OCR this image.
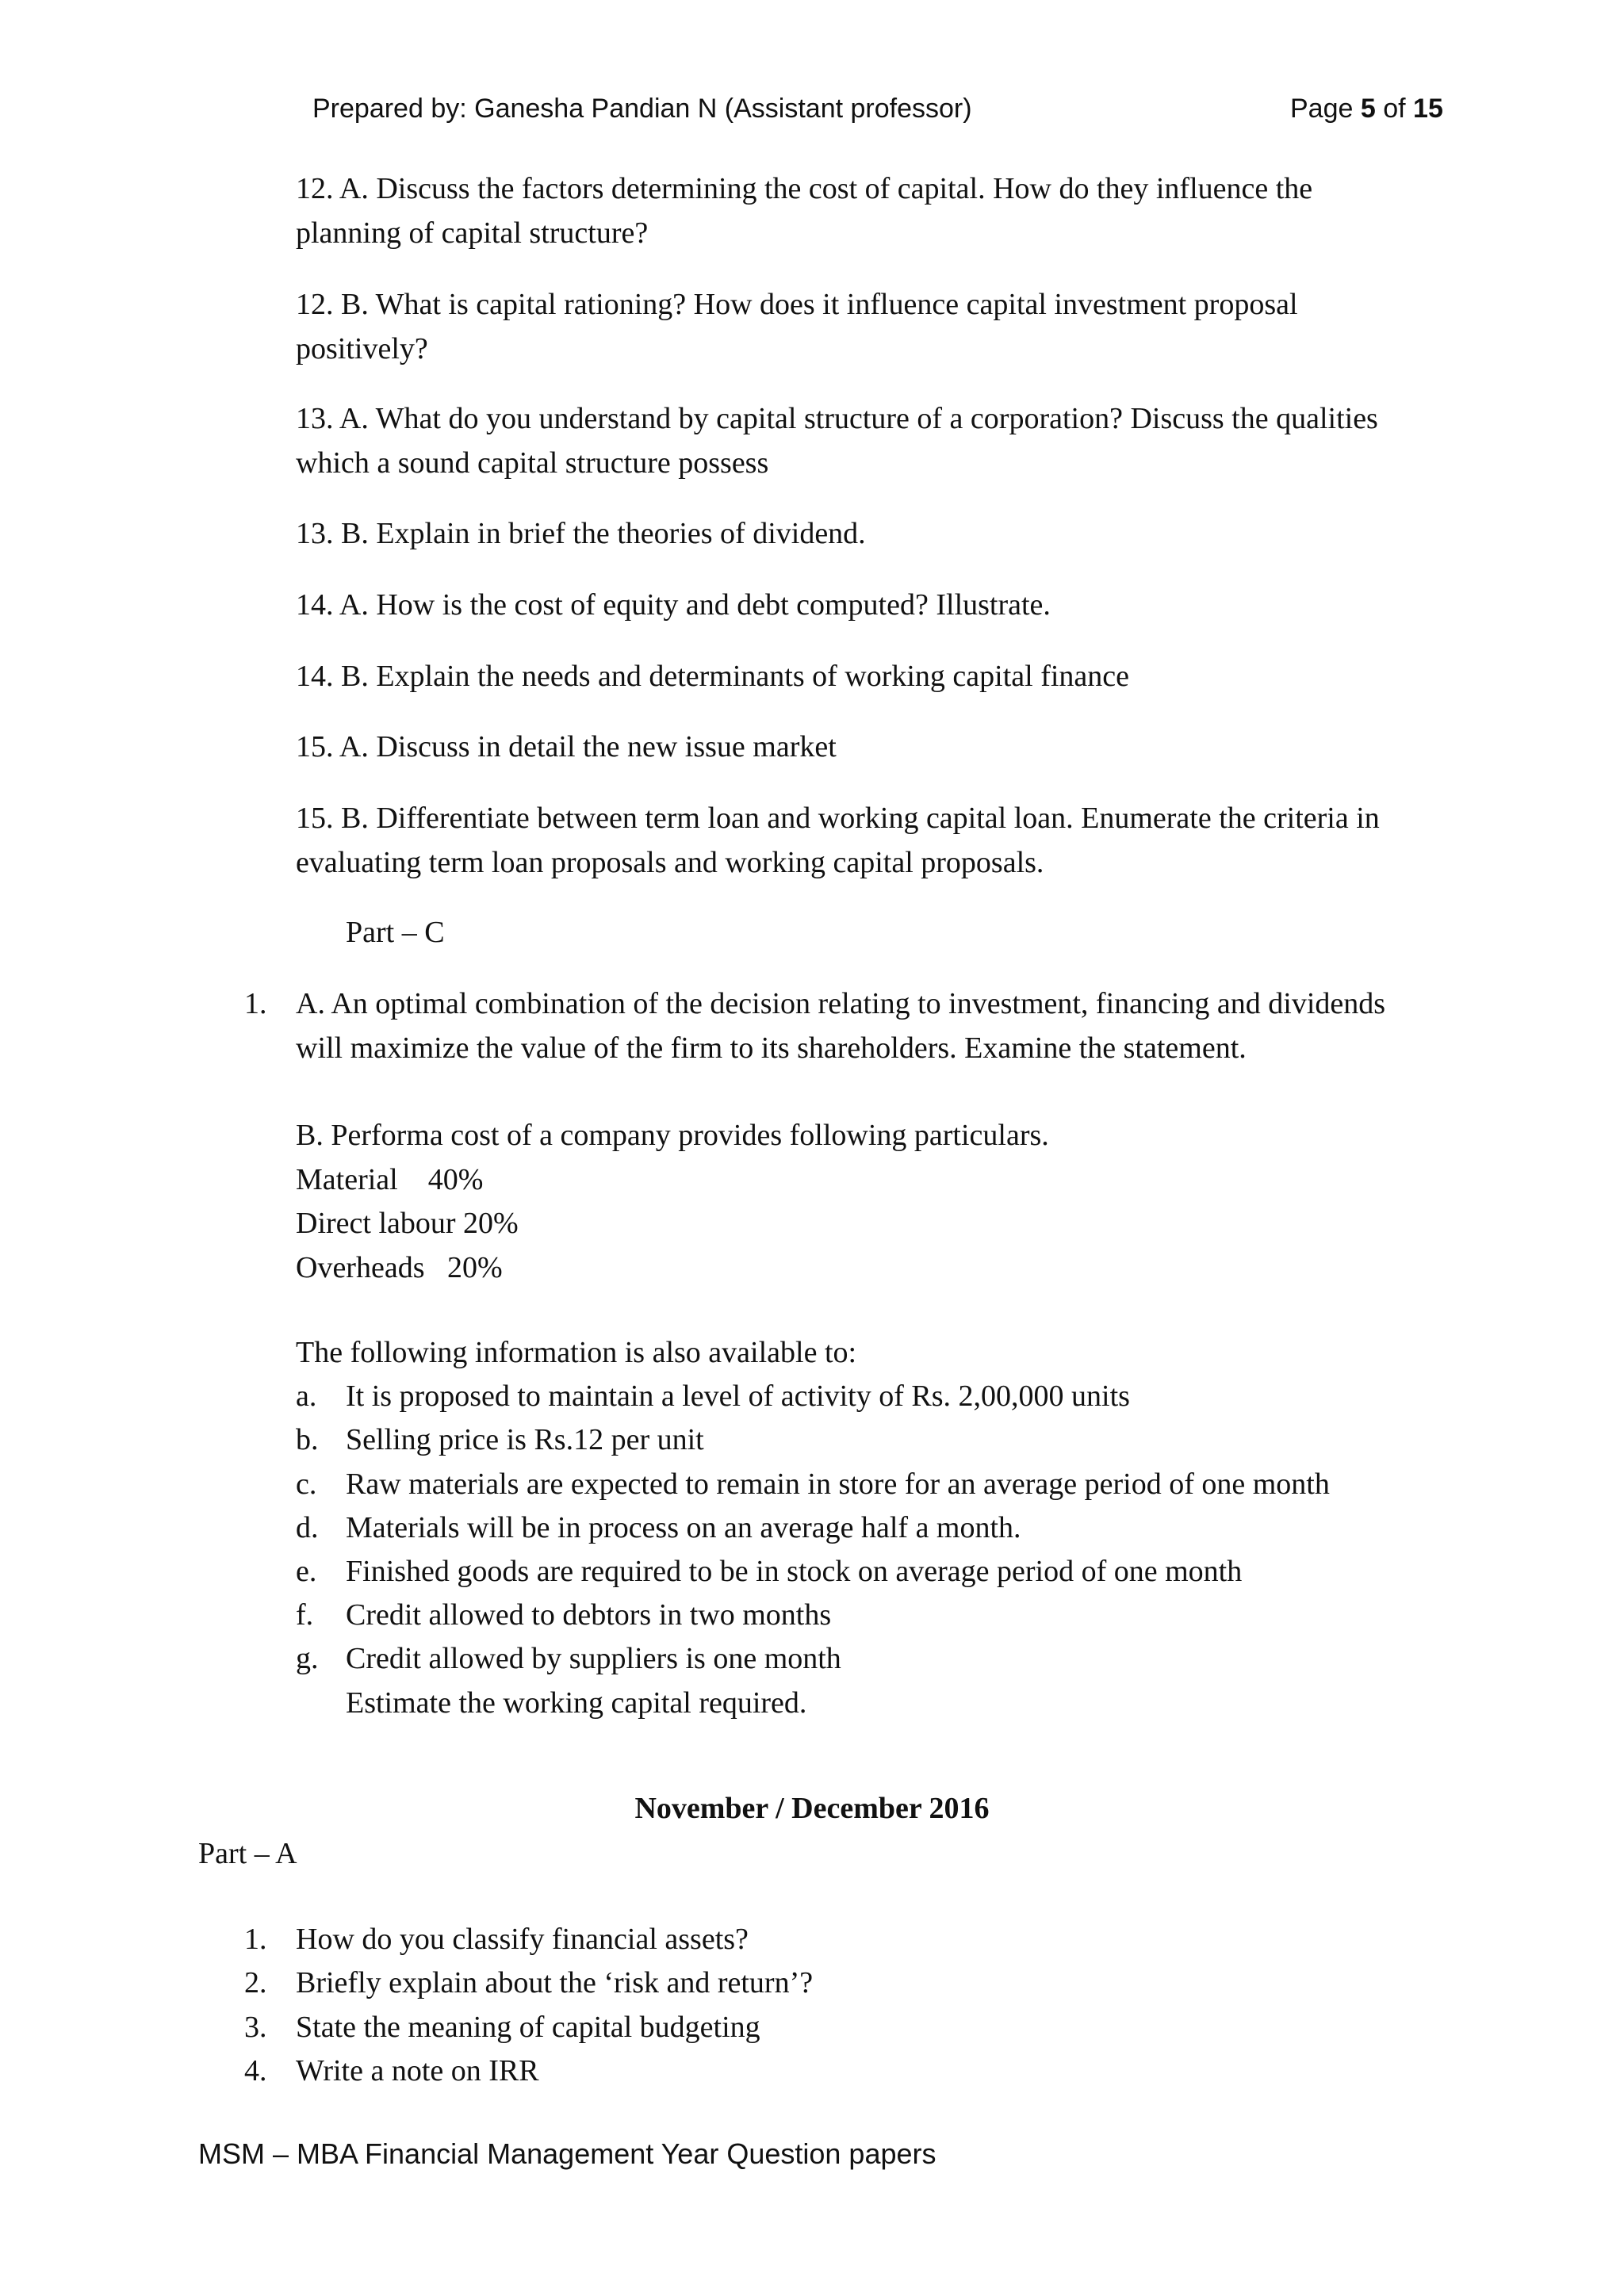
Prepared by: Ganesha Pandian N (Assistant professor)	Page 5 of 15
12. A. Discuss the factors determining the cost of capital. How do they influence the planning of capital structure?
12. B. What is capital rationing? How does it influence capital investment proposal positively?
13. A. What do you understand by capital structure of a corporation? Discuss the qualities which a sound capital structure possess
13. B. Explain in brief the theories of dividend.
14. A. How is the cost of equity and debt computed? Illustrate.
14. B. Explain the needs and determinants of working capital finance
15. A. Discuss in detail the new issue market
15. B. Differentiate between term loan and working capital loan. Enumerate the criteria in evaluating term loan proposals and working capital proposals.
Part – C
1. A. An optimal combination of the decision relating to investment, financing and dividends will maximize the value of the firm to its shareholders. Examine the statement.
B. Performa cost of a company provides following particulars.
Material    40%
Direct labour 20%
Overheads   20%
The following information is also available to:
a. It is proposed to maintain a level of activity of Rs. 2,00,000 units
b. Selling price is Rs.12 per unit
c. Raw materials are expected to remain in store for an average period of one month
d. Materials will be in process on an average half a month.
e. Finished goods are required to be in stock on average period of one month
f. Credit allowed to debtors in two months
g. Credit allowed by suppliers is one month
Estimate the working capital required.
November / December 2016
Part – A
1. How do you classify financial assets?
2. Briefly explain about the ‘risk and return’?
3. State the meaning of capital budgeting
4. Write a note on IRR
MSM – MBA Financial Management Year Question papers
